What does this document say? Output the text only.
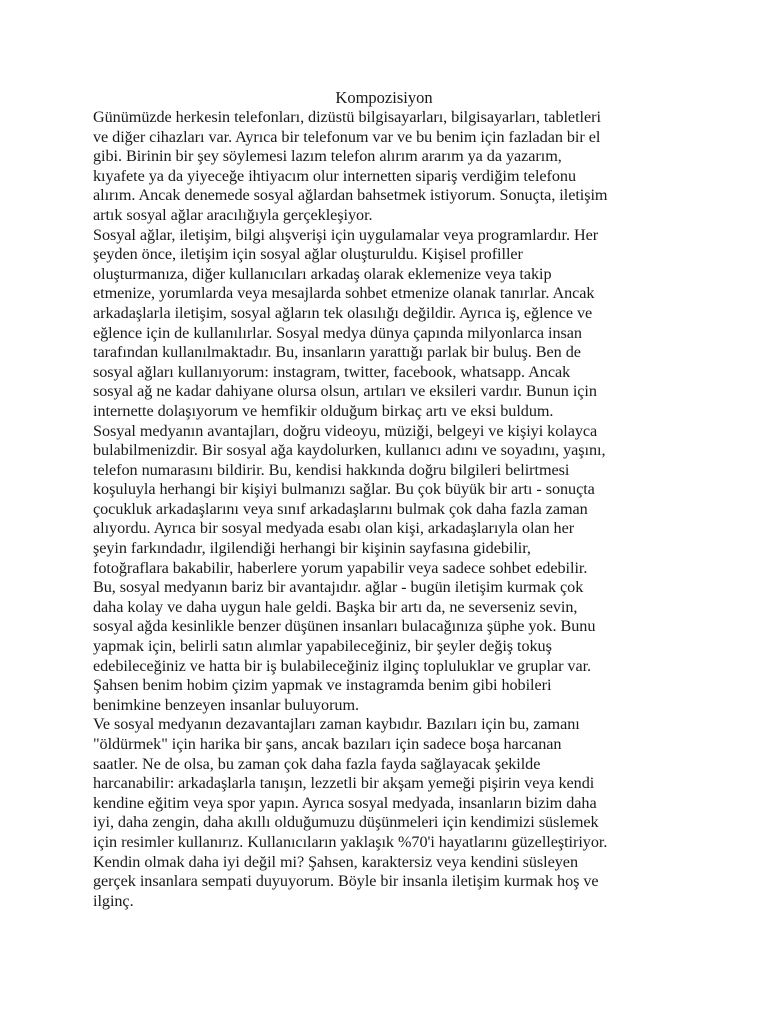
Kompozisiyon
Günümüzde herkesin telefonları, dizüstü bilgisayarları, bilgisayarları, tabletleri
ve diğer cihazları var. Ayrıca bir telefonum var ve bu benim için fazladan bir el
gibi. Birinin bir şey söylemesi lazım telefon alırım ararım ya da yazarım,
kıyafete ya da yiyeceğe ihtiyacım olur internetten sipariş verdiğim telefonu
alırım. Ancak denemede sosyal ağlardan bahsetmek istiyorum. Sonuçta, iletişim
artık sosyal ağlar aracılığıyla gerçekleşiyor.
Sosyal ağlar, iletişim, bilgi alışverişi için uygulamalar veya programlardır. Her
şeyden önce, iletişim için sosyal ağlar oluşturuldu. Kişisel profiller
oluşturmanıza, diğer kullanıcıları arkadaş olarak eklemenize veya takip
etmenize, yorumlarda veya mesajlarda sohbet etmenize olanak tanırlar. Ancak
arkadaşlarla iletişim, sosyal ağların tek olasılığı değildir. Ayrıca iş, eğlence ve
eğlence için de kullanılırlar. Sosyal medya dünya çapında milyonlarca insan
tarafından kullanılmaktadır. Bu, insanların yarattığı parlak bir buluş. Ben de
sosyal ağları kullanıyorum: instagram, twitter, facebook, whatsapp. Ancak
sosyal ağ ne kadar dahiyane olursa olsun, artıları ve eksileri vardır. Bunun için
internette dolaşıyorum ve hemfikir olduğum birkaç artı ve eksi buldum.
Sosyal medyanın avantajları, doğru videoyu, müziği, belgeyi ve kişiyi kolayca
bulabilmenizdir. Bir sosyal ağa kaydolurken, kullanıcı adını ve soyadını, yaşını,
telefon numarasını bildirir. Bu, kendisi hakkında doğru bilgileri belirtmesi
koşuluyla herhangi bir kişiyi bulmanızı sağlar. Bu çok büyük bir artı - sonuçta
çocukluk arkadaşlarını veya sınıf arkadaşlarını bulmak çok daha fazla zaman
alıyordu. Ayrıca bir sosyal medyada esabı olan kişi, arkadaşlarıyla olan her
şeyin farkındadır, ilgilendiği herhangi bir kişinin sayfasına gidebilir,
fotoğraflara bakabilir, haberlere yorum yapabilir veya sadece sohbet edebilir.
Bu, sosyal medyanın bariz bir avantajıdır. ağlar - bugün iletişim kurmak çok
daha kolay ve daha uygun hale geldi. Başka bir artı da, ne severseniz sevin,
sosyal ağda kesinlikle benzer düşünen insanları bulacağınıza şüphe yok. Bunu
yapmak için, belirli satın alımlar yapabileceğiniz, bir şeyler değiş tokuş
edebileceğiniz ve hatta bir iş bulabileceğiniz ilginç topluluklar ve gruplar var.
Şahsen benim hobim çizim yapmak ve instagramda benim gibi hobileri
benimkine benzeyen insanlar buluyorum.
Ve sosyal medyanın dezavantajları zaman kaybıdır. Bazıları için bu, zamanı
"öldürmek" için harika bir şans, ancak bazıları için sadece boşa harcanan
saatler. Ne de olsa, bu zaman çok daha fazla fayda sağlayacak şekilde
harcanabilir: arkadaşlarla tanışın, lezzetli bir akşam yemeği pişirin veya kendi
kendine eğitim veya spor yapın. Ayrıca sosyal medyada, insanların bizim daha
iyi, daha zengin, daha akıllı olduğumuzu düşünmeleri için kendimizi süslemek
için resimler kullanırız. Kullanıcıların yaklaşık %70'i hayatlarını güzelleştiriyor.
Kendin olmak daha iyi değil mi? Şahsen, karaktersiz veya kendini süsleyen
gerçek insanlara sempati duyuyorum. Böyle bir insanla iletişim kurmak hoş ve
ilginç.
